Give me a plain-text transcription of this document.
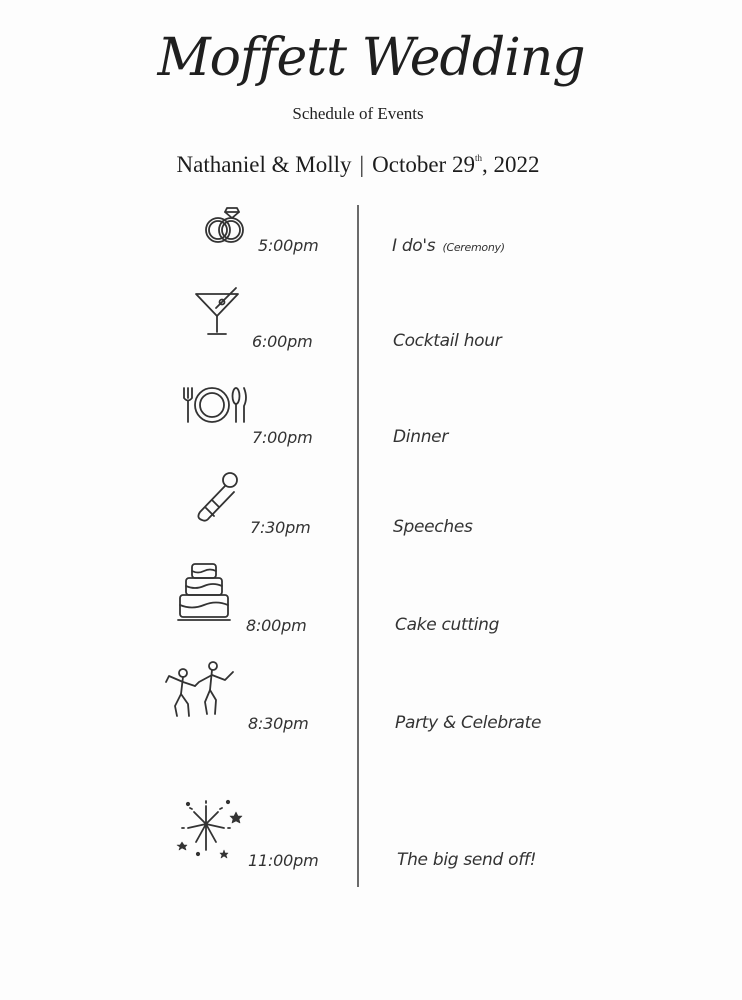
Moffett Wedding
Schedule of Events
Nathaniel & Molly | October 29th, 2022
5:00pm	I do's (Ceremony)
6:00pm	Cocktail hour
7:00pm	Dinner
7:30pm	Speeches
8:00pm	Cake cutting
8:30pm	Party & Celebrate
11:00pm	The big send off!
